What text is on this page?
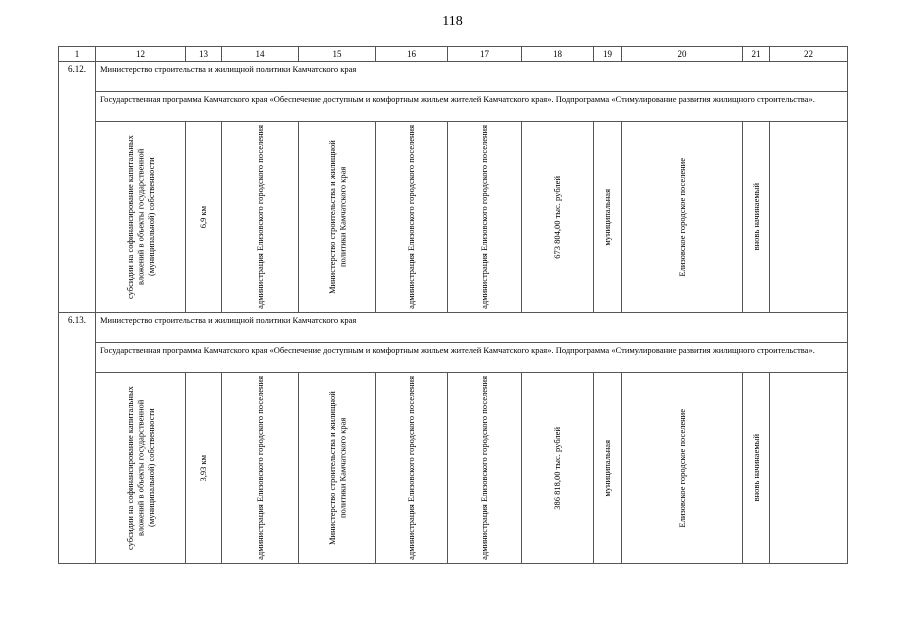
118
1	12	13	14	15	16	17	18	19	20	21	22
6.12.	Министерство строительства и жилищной политики Камчатского края										
	Государственная программа Камчатского края «Обеспечение доступным и комфортным жильем жителей Камчатского края». Подпрограмма «Стимулирование развития жилищного строительства».										

	субсидии на софинансирование капитальных вложений в объекты государственной (муниципальной) собственности	6,9 км	администрация Елизовского городского поселения	Министерство строительства и жилищной политики Камчатского края	администрация Елизовского городского поселения	администрация Елизовского городского поселения	673 804,00 тыс. рублей	муниципальная	Елизовское городское поселение	вновь начинаемый	

6.13.	Министерство строительства и жилищной политики Камчатского края										
	Государственная программа Камчатского края «Обеспечение доступным и комфортным жильем жителей Камчатского края». Подпрограмма «Стимулирование развития жилищного строительства».										

	субсидии на софинансирование капитальных вложений в объекты государственной (муниципальной) собственности	3,93 км	администрация Елизовского городского поселения	Министерство строительства и жилищной политики Камчатского края	администрация Елизовского городского поселения	администрация Елизовского городского поселения	386 818,00 тыс. рублей	муниципальная	Елизовское городское поселение	вновь начинаемый	
